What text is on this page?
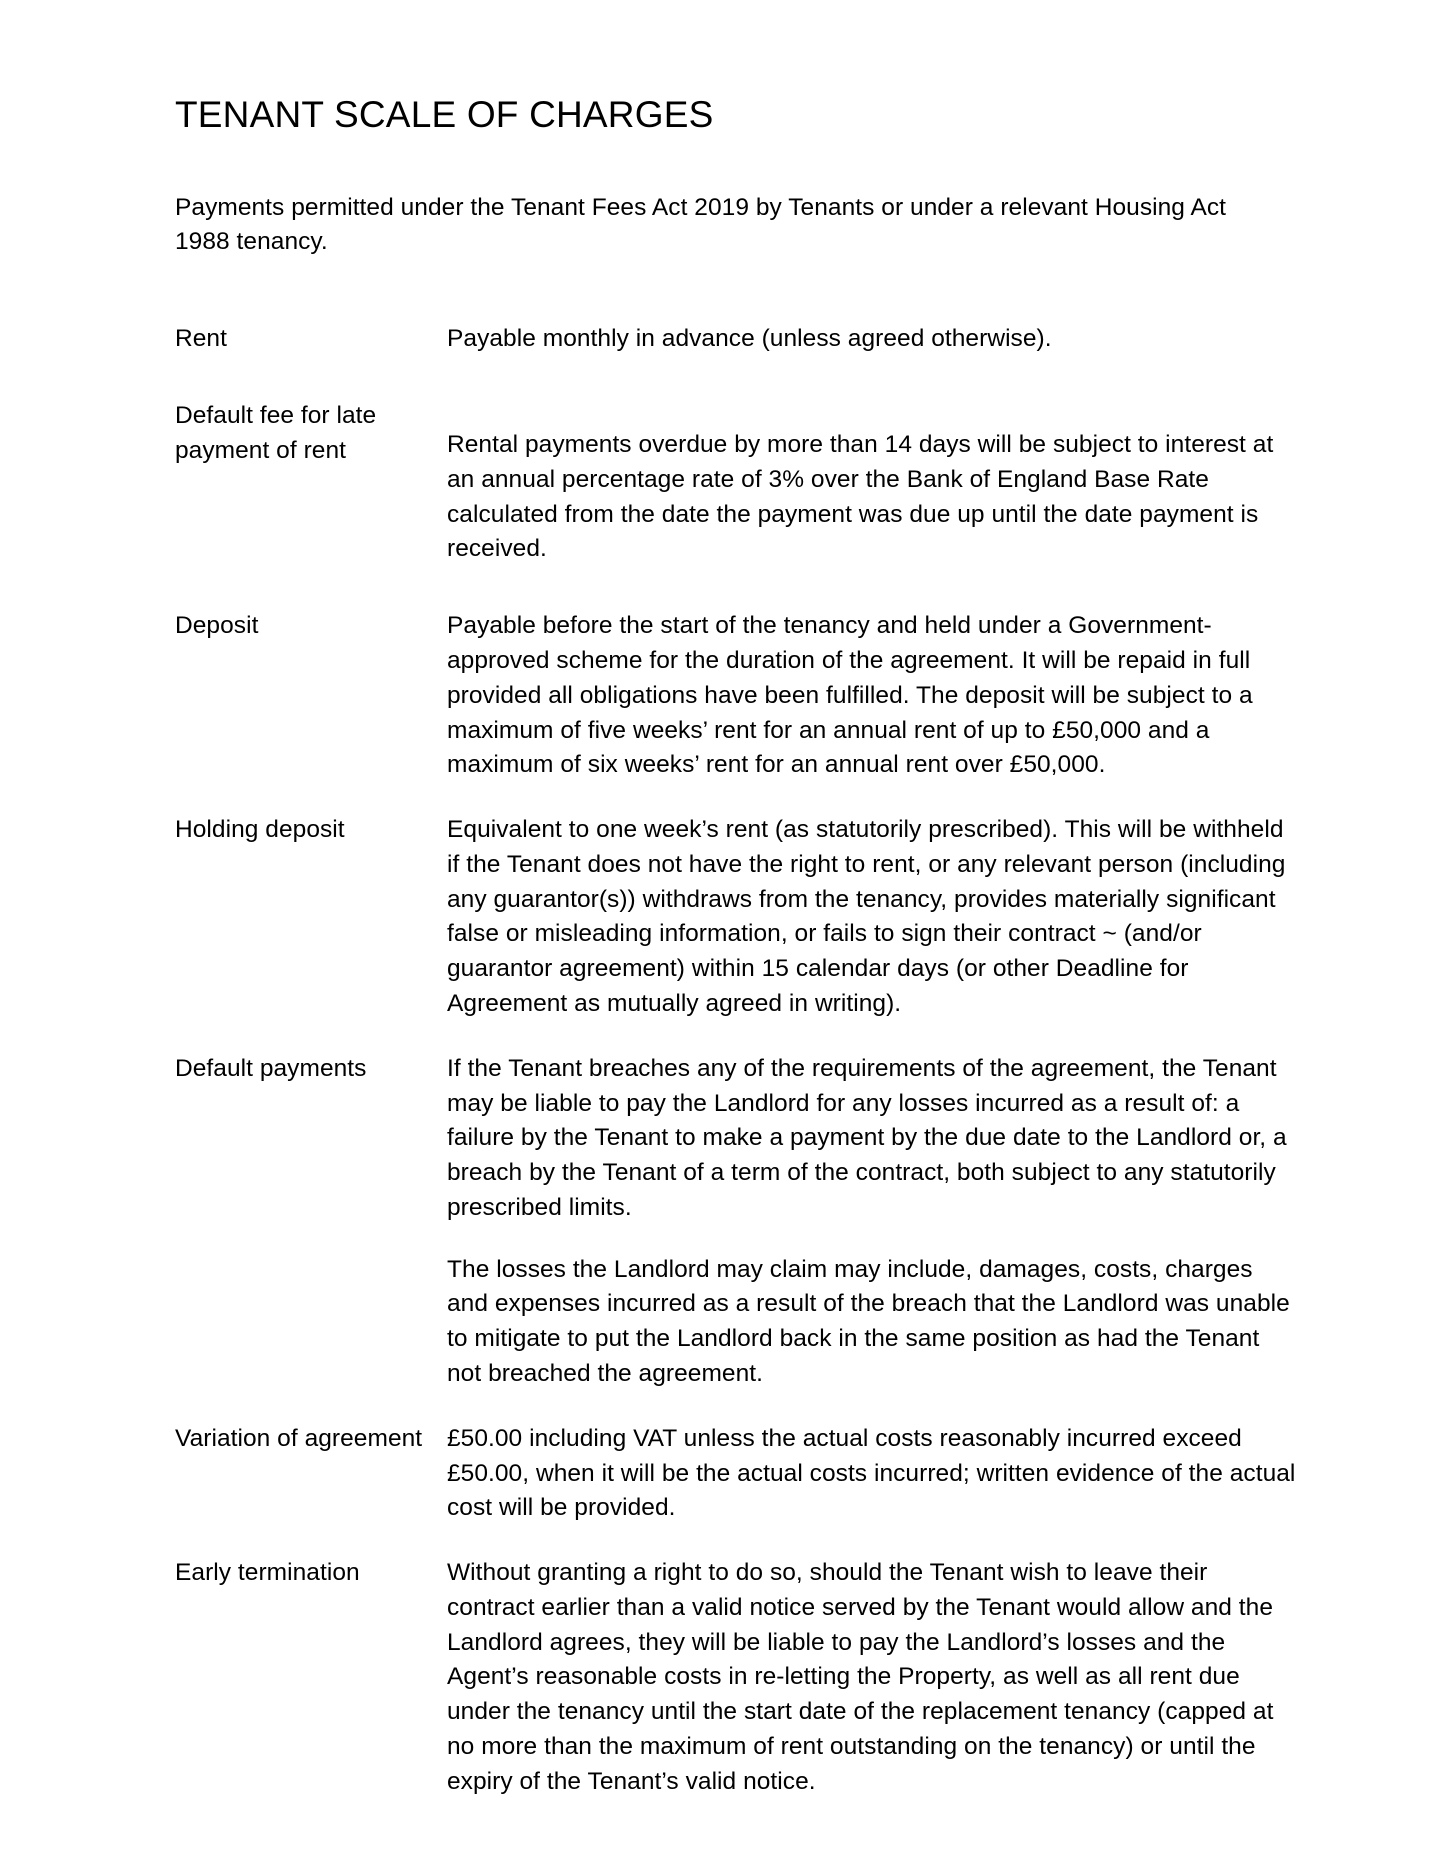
TENANT SCALE OF CHARGES

Payments permitted under the Tenant Fees Act 2019 by Tenants or under a relevant Housing Act 1988 tenancy.

Rent	Payable monthly in advance (unless agreed otherwise).

Default fee for late payment of rent	Rental payments overdue by more than 14 days will be subject to interest at an annual percentage rate of 3% over the Bank of England Base Rate calculated from the date the payment was due up until the date payment is received.

Deposit	Payable before the start of the tenancy and held under a Government-approved scheme for the duration of the agreement. It will be repaid in full provided all obligations have been fulfilled. The deposit will be subject to a maximum of five weeks’ rent for an annual rent of up to £50,000 and a maximum of six weeks’ rent for an annual rent over £50,000.

Holding deposit	Equivalent to one week’s rent (as statutorily prescribed). This will be withheld if the Tenant does not have the right to rent, or any relevant person (including any guarantor(s)) withdraws from the tenancy, provides materially significant false or misleading information, or fails to sign their contract ~ (and/or guarantor agreement) within 15 calendar days (or other Deadline for Agreement as mutually agreed in writing).

Default payments	If the Tenant breaches any of the requirements of the agreement, the Tenant may be liable to pay the Landlord for any losses incurred as a result of: a failure by the Tenant to make a payment by the due date to the Landlord or, a breach by the Tenant of a term of the contract, both subject to any statutorily prescribed limits.

The losses the Landlord may claim may include, damages, costs, charges and expenses incurred as a result of the breach that the Landlord was unable to mitigate to put the Landlord back in the same position as had the Tenant not breached the agreement.

Variation of agreement	£50.00 including VAT unless the actual costs reasonably incurred exceed £50.00, when it will be the actual costs incurred; written evidence of the actual cost will be provided.

Early termination	Without granting a right to do so, should the Tenant wish to leave their contract earlier than a valid notice served by the Tenant would allow and the Landlord agrees, they will be liable to pay the Landlord’s losses and the Agent’s reasonable costs in re-letting the Property, as well as all rent due under the tenancy until the start date of the replacement tenancy (capped at no more than the maximum of rent outstanding on the tenancy) or until the expiry of the Tenant’s valid notice.
